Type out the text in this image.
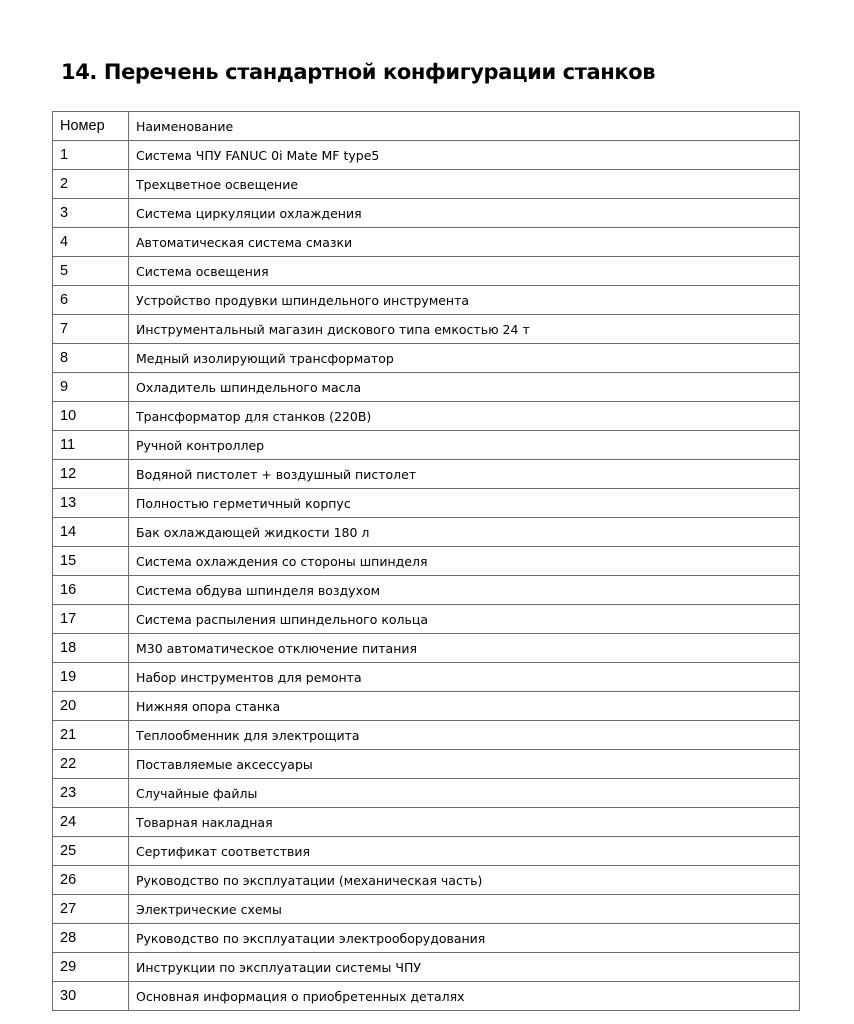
14. Перечень стандартной конфигурации станков
Номер	Наименование
1	Система ЧПУ FANUC 0i Mate MF type5
2	Трехцветное освещение
3	Система циркуляции охлаждения
4	Автоматическая система смазки
5	Система освещения
6	Устройство продувки шпиндельного инструмента
7	Инструментальный магазин дискового типа емкостью 24 т
8	Медный изолирующий трансформатор
9	Охладитель шпиндельного масла
10	Трансформатор для станков (220В)
11	Ручной контроллер
12	Водяной пистолет + воздушный пистолет
13	Полностью герметичный корпус
14	Бак охлаждающей жидкости 180 л
15	Система охлаждения со стороны шпинделя
16	Система обдува шпинделя воздухом
17	Система распыления шпиндельного кольца
18	М30 автоматическое отключение питания
19	Набор инструментов для ремонта
20	Нижняя опора станка
21	Теплообменник для электрощита
22	Поставляемые аксессуары
23	Случайные файлы
24	Товарная накладная
25	Сертификат соответствия
26	Руководство по эксплуатации (механическая часть)
27	Электрические схемы
28	Руководство по эксплуатации электрооборудования
29	Инструкции по эксплуатации системы ЧПУ
30	Основная информация о приобретенных деталях
